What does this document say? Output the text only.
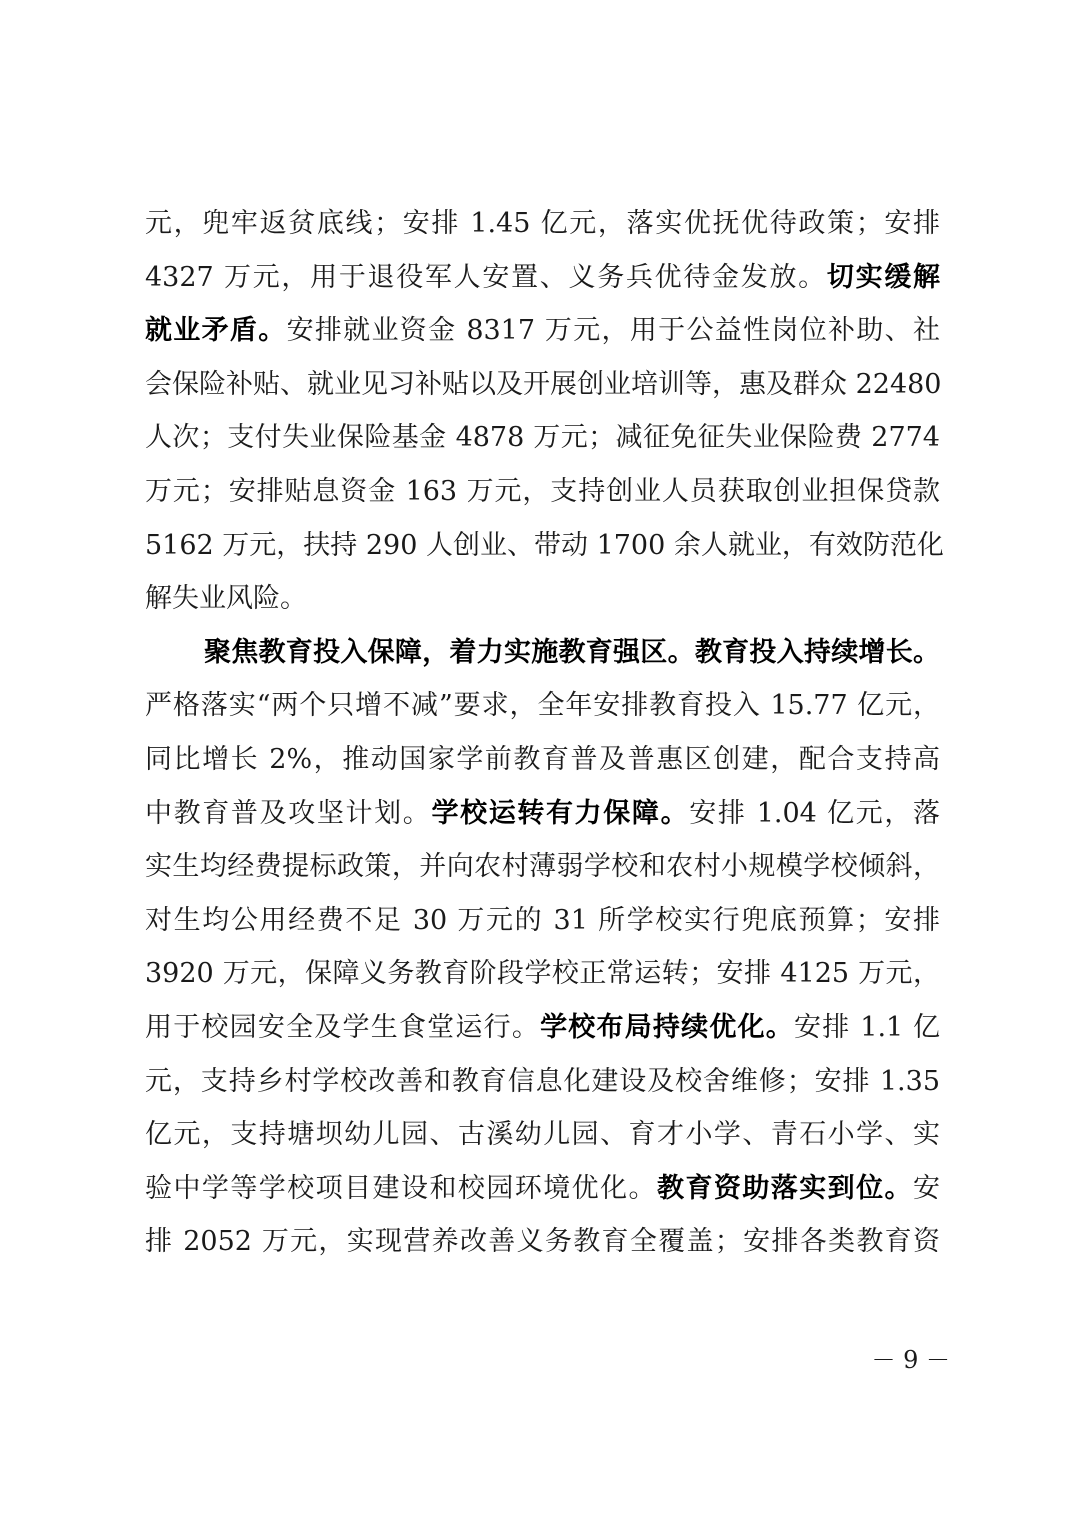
元，兜牢返贫底线；安排 1.45 亿元，落实优抚优待政策；安排
4327 万元，用于退役军人安置、义务兵优待金发放。切实缓解
就业矛盾。安排就业资金 8317 万元，用于公益性岗位补助、社
会保险补贴、就业见习补贴以及开展创业培训等，惠及群众 22480
人次；支付失业保险基金 4878 万元；减征免征失业保险费 2774
万元；安排贴息资金 163 万元，支持创业人员获取创业担保贷款
5162 万元，扶持 290 人创业、带动 1700 余人就业，有效防范化
解失业风险。
聚焦教育投入保障，着力实施教育强区。教育投入持续增长。
严格落实“两个只增不减”要求，全年安排教育投入 15.77 亿元，
同比增长 2%，推动国家学前教育普及普惠区创建，配合支持高
中教育普及攻坚计划。学校运转有力保障。安排 1.04 亿元，落
实生均经费提标政策，并向农村薄弱学校和农村小规模学校倾斜，
对生均公用经费不足 30 万元的 31 所学校实行兜底预算；安排
3920 万元，保障义务教育阶段学校正常运转；安排 4125 万元，
用于校园安全及学生食堂运行。学校布局持续优化。安排 1.1 亿
元，支持乡村学校改善和教育信息化建设及校舍维修；安排 1.35
亿元，支持塘坝幼儿园、古溪幼儿园、育才小学、青石小学、实
验中学等学校项目建设和校园环境优化。教育资助落实到位。安
排 2052 万元，实现营养改善义务教育全覆盖；安排各类教育资
－ 9 －
